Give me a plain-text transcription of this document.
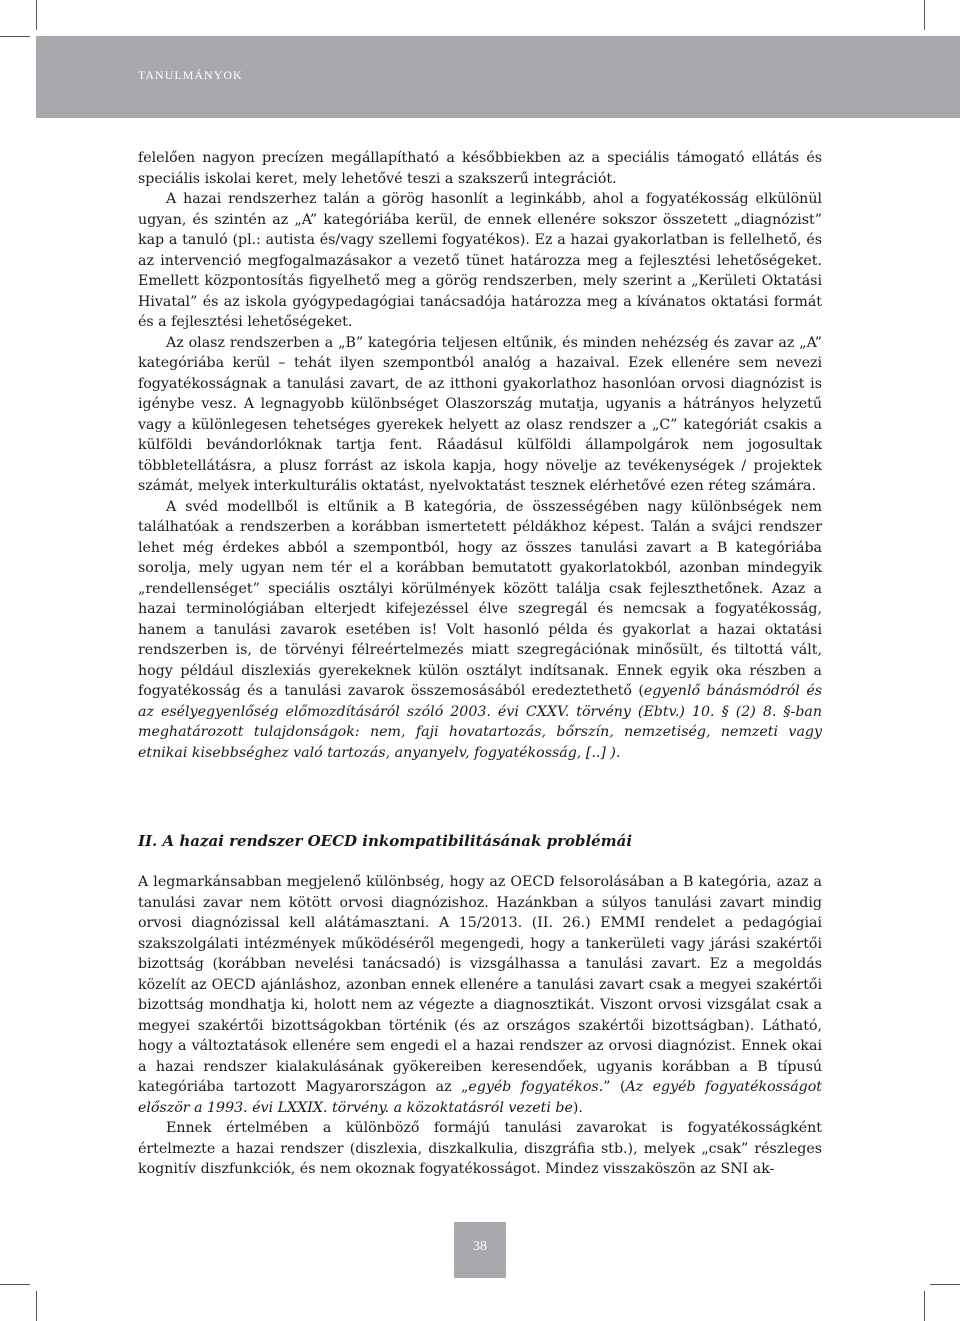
TANULMÁNYOK

felelően nagyon precízen megállapítható a későbbiekben az a speciális támogató ellátás és speciális iskolai keret, mely lehetővé teszi a szakszerű integrációt.

A hazai rendszerhez talán a görög hasonlít a leginkább, ahol a fogyatékosság elkülönül ugyan, és szintén az „A” kategóriába kerül, de ennek ellenére sokszor összetett „diagnózist” kap a tanuló (pl.: autista és/vagy szellemi fogyatékos). Ez a hazai gyakorlatban is fellelhető, és az intervenció megfogalmazásakor a vezető tünet határozza meg a fejlesztési lehetőségeket. Emellett központosítás figyelhető meg a görög rendszerben, mely szerint a „Kerületi Oktatási Hivatal” és az iskola gyógypedagógiai tanácsadója határozza meg a kívánatos oktatási formát és a fejlesztési lehetőségeket.

Az olasz rendszerben a „B” kategória teljesen eltűnik, és minden nehézség és zavar az „A” kategóriába kerül – tehát ilyen szempontból analóg a hazaival. Ezek ellenére sem nevezi fogyatékosságnak a tanulási zavart, de az itthoni gyakorlathoz hasonlóan orvosi diagnózist is igénybe vesz. A legnagyobb különbséget Olaszország mutatja, ugyanis a hátrányos helyzetű vagy a különlegesen tehetséges gyerekek helyett az olasz rendszer a „C” kategóriát csakis a külföldi bevándorlóknak tartja fent. Ráadásul külföldi állampolgárok nem jogosultak többletellátásra, a plusz forrást az iskola kapja, hogy növelje az tevékenységek / projektek számát, melyek interkulturális oktatást, nyelvoktatást tesznek elérhetővé ezen réteg számára.

A svéd modellből is eltűnik a B kategória, de összességében nagy különbségek nem találhatóak a rendszerben a korábban ismertetett példákhoz képest. Talán a svájci rendszer lehet még érdekes abból a szempontból, hogy az összes tanulási zavart a B kategóriába sorolja, mely ugyan nem tér el a korábban bemutatott gyakorlatokból, azonban mindegyik „rendellenséget” speciális osztályi körülmények között találja csak fejleszthetőnek. Azaz a hazai terminológiában elterjedt kifejezéssel élve szegregál és nemcsak a fogyatékosság, hanem a tanulási zavarok esetében is! Volt hasonló példa és gyakorlat a hazai oktatási rendszerben is, de törvényi félreértelmezés miatt szegregációnak minősült, és tiltottá vált, hogy például diszlexiás gyerekeknek külön osztályt indítsanak. Ennek egyik oka részben a fogyatékosság és a tanulási zavarok összemosásából eredeztethető (egyenlő bánásmódról és az esélyegyenlőség előmozdításáról szóló 2003. évi CXXV. törvény (Ebtv.) 10. § (2) 8. §-ban meghatározott tulajdonságok: nem, faji hovatartozás, bőrszín, nemzetiség, nemzeti vagy etnikai kisebbséghez való tartozás, anyanyelv, fogyatékosság, [..] ).

II. A hazai rendszer OECD inkompatibilitásának problémái

A legmarkánsabban megjelenő különbség, hogy az OECD felsorolásában a B kategória, azaz a tanulási zavar nem kötött orvosi diagnózishoz. Hazánkban a súlyos tanulási zavart mindig orvosi diagnózissal kell alátámasztani. A 15/2013. (II. 26.) EMMI rendelet a pedagógiai szakszolgálati intézmények működéséről megengedi, hogy a tankerületi vagy járási szakértői bizottság (korábban nevelési tanácsadó) is vizsgálhassa a tanulási zavart. Ez a megoldás közelít az OECD ajánláshoz, azonban ennek ellenére a tanulási zavart csak a megyei szakértői bizottság mondhatja ki, holott nem az végezte a diagnosztikát. Viszont orvosi vizsgálat csak a megyei szakértői bizottságokban történik (és az országos szakértői bizottságban). Látható, hogy a változtatások ellenére sem engedi el a hazai rendszer az orvosi diagnózist. Ennek okai a hazai rendszer kialakulásának gyökereiben keresendőek, ugyanis korábban a B típusú kategóriába tartozott Magyarországon az „egyéb fogyatékos.” (Az egyéb fogyatékosságot először a 1993. évi LXXIX. törvény. a közoktatásról vezeti be).

Ennek értelmében a különböző formájú tanulási zavarokat is fogyatékosságként értelmezte a hazai rendszer (diszlexia, diszkalkulia, diszgráfia stb.), melyek „csak” részleges kognitív diszfunkciók, és nem okoznak fogyatékosságot. Mindez visszaköszön az SNI ak-

38
